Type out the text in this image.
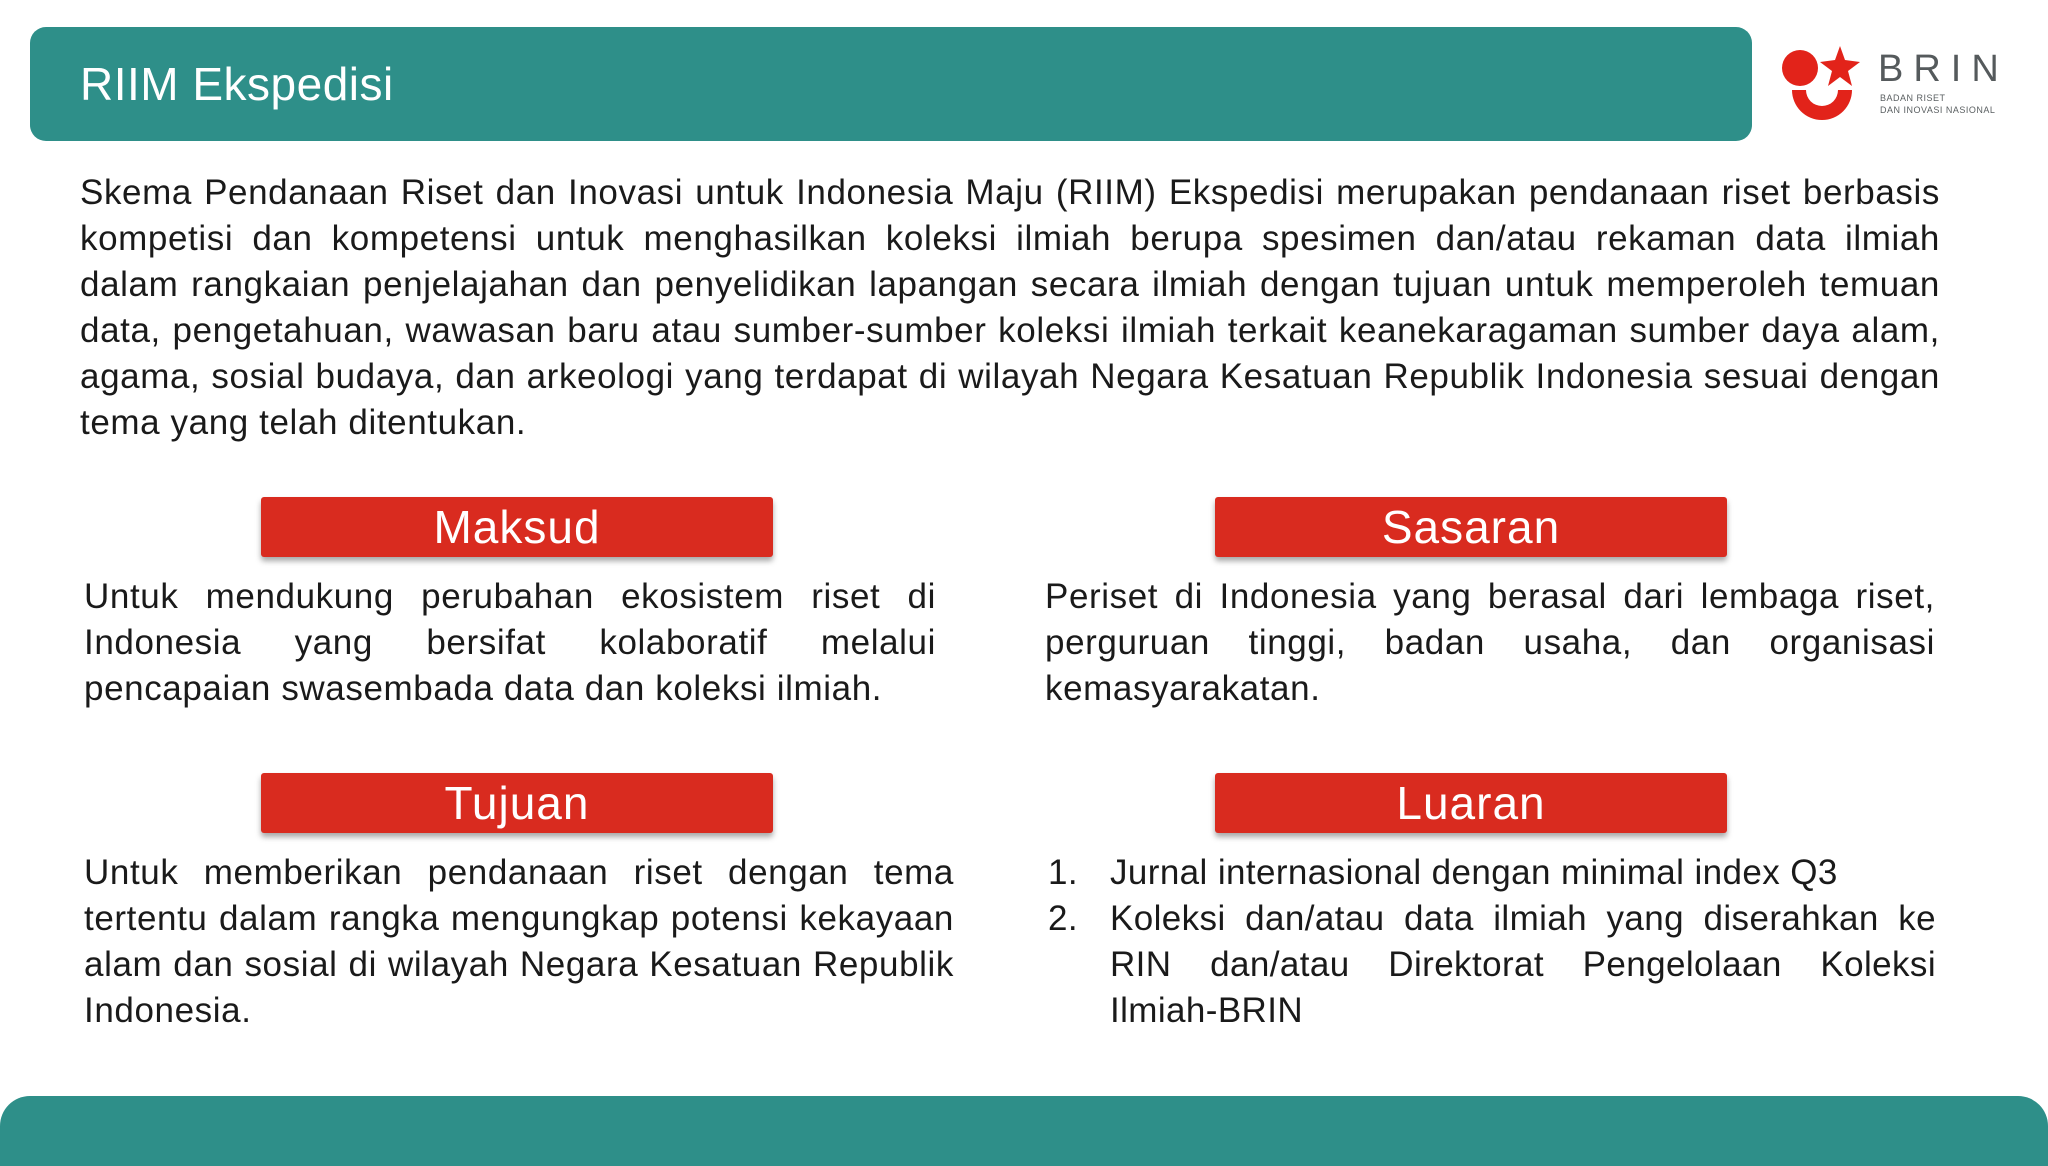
RIIM Ekspedisi	BRIN
BADAN RISET
DAN INOVASI NASIONAL

Skema Pendanaan Riset dan Inovasi untuk Indonesia Maju (RIIM) Ekspedisi merupakan pendanaan riset berbasis kompetisi dan kompetensi untuk menghasilkan koleksi ilmiah berupa spesimen dan/atau rekaman data ilmiah dalam rangkaian penjelajahan dan penyelidikan lapangan secara ilmiah dengan tujuan untuk memperoleh temuan data, pengetahuan, wawasan baru atau sumber-sumber koleksi ilmiah terkait keanekaragaman sumber daya alam, agama, sosial budaya, dan arkeologi yang terdapat di wilayah Negara Kesatuan Republik Indonesia sesuai dengan tema yang telah ditentukan.

Maksud

Untuk mendukung perubahan ekosistem riset di Indonesia yang bersifat kolaboratif melalui pencapaian swasembada data dan koleksi ilmiah.

Sasaran

Periset di Indonesia yang berasal dari lembaga riset, perguruan tinggi, badan usaha, dan organisasi kemasyarakatan.

Tujuan

Untuk memberikan pendanaan riset dengan tema tertentu dalam rangka mengungkap potensi kekayaan alam dan sosial di wilayah Negara Kesatuan Republik Indonesia.

Luaran
1. Jurnal internasional dengan minimal index Q3
2. Koleksi dan/atau data ilmiah yang diserahkan ke RIN dan/atau Direktorat Pengelolaan Koleksi Ilmiah-BRIN
